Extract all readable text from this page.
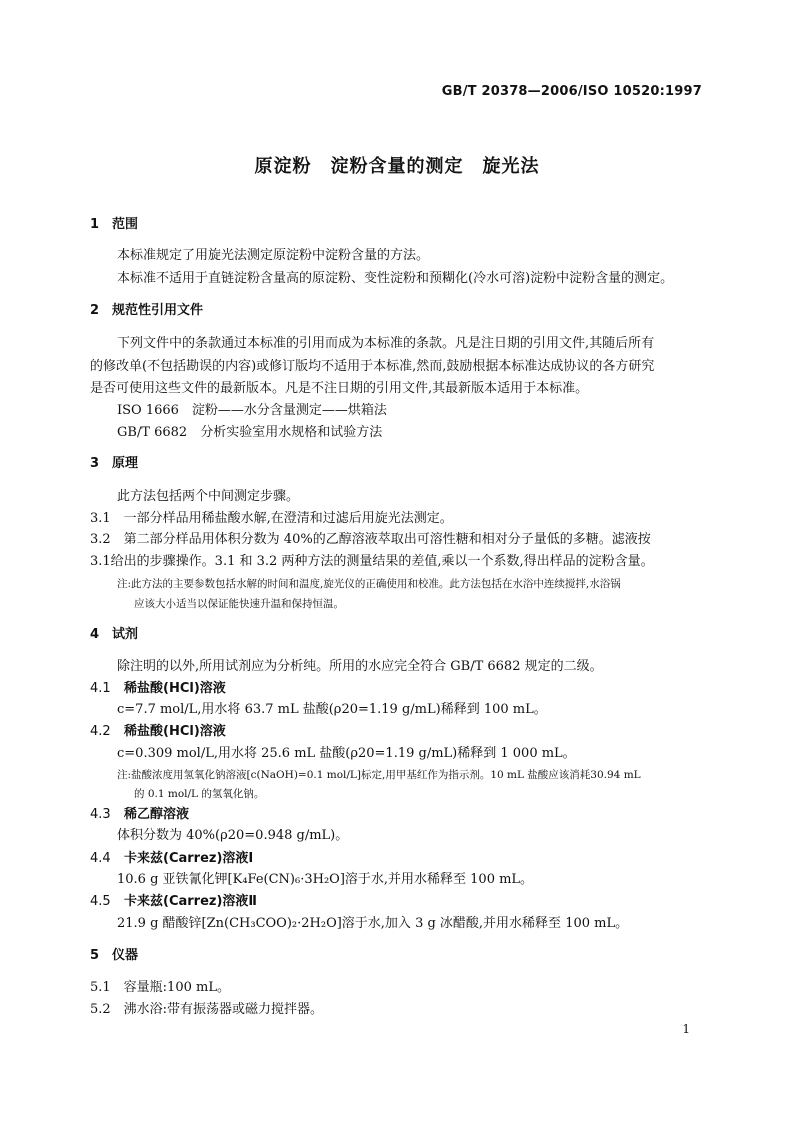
GB/T 20378—2006/ISO 10520:1997
原淀粉　淀粉含量的测定　旋光法
1 范围
本标准规定了用旋光法测定原淀粉中淀粉含量的方法。
本标准不适用于直链淀粉含量高的原淀粉、变性淀粉和预糊化(冷水可溶)淀粉中淀粉含量的测定。
2 规范性引用文件
下列文件中的条款通过本标准的引用而成为本标准的条款。凡是注日期的引用文件,其随后所有
的修改单(不包括勘误的内容)或修订版均不适用于本标准,然而,鼓励根据本标准达成协议的各方研究
是否可使用这些文件的最新版本。凡是不注日期的引用文件,其最新版本适用于本标准。
ISO 1666　淀粉——水分含量测定——烘箱法
GB/T 6682　分析实验室用水规格和试验方法
3 原理
此方法包括两个中间测定步骤。
3.1　一部分样品用稀盐酸水解,在澄清和过滤后用旋光法测定。
3.2　第二部分样品用体积分数为 40%的乙醇溶液萃取出可溶性糖和相对分子量低的多糖。滤液按
3.1给出的步骤操作。3.1 和 3.2 两种方法的测量结果的差值,乘以一个系数,得出样品的淀粉含量。
注:此方法的主要参数包括水解的时间和温度,旋光仪的正确使用和校准。此方法包括在水浴中连续搅拌,水浴锅
应该大小适当以保证能快速升温和保持恒温。
4 试剂
除注明的以外,所用试剂应为分析纯。所用的水应完全符合 GB/T 6682 规定的二级。
4.1 稀盐酸(HCl)溶液
c=7.7 mol/L,用水将 63.7 mL 盐酸(ρ20=1.19 g/mL)稀释到 100 mL。
4.2 稀盐酸(HCl)溶液
c=0.309 mol/L,用水将 25.6 mL 盐酸(ρ20=1.19 g/mL)稀释到 1 000 mL。
注:盐酸浓度用氢氧化钠溶液[c(NaOH)=0.1 mol/L]标定,用甲基红作为指示剂。10 mL 盐酸应该消耗30.94 mL
的 0.1 mol/L 的氢氧化钠。
4.3 稀乙醇溶液
体积分数为 40%(ρ20=0.948 g/mL)。
4.4 卡来兹(Carrez)溶液Ⅰ
10.6 g 亚铁氰化钾[K₄Fe(CN)₆·3H₂O]溶于水,并用水稀释至 100 mL。
4.5 卡来兹(Carrez)溶液Ⅱ
21.9 g 醋酸锌[Zn(CH₃COO)₂·2H₂O]溶于水,加入 3 g 冰醋酸,并用水稀释至 100 mL。
5 仪器
5.1　容量瓶:100 mL。
5.2　沸水浴:带有振荡器或磁力搅拌器。
1
